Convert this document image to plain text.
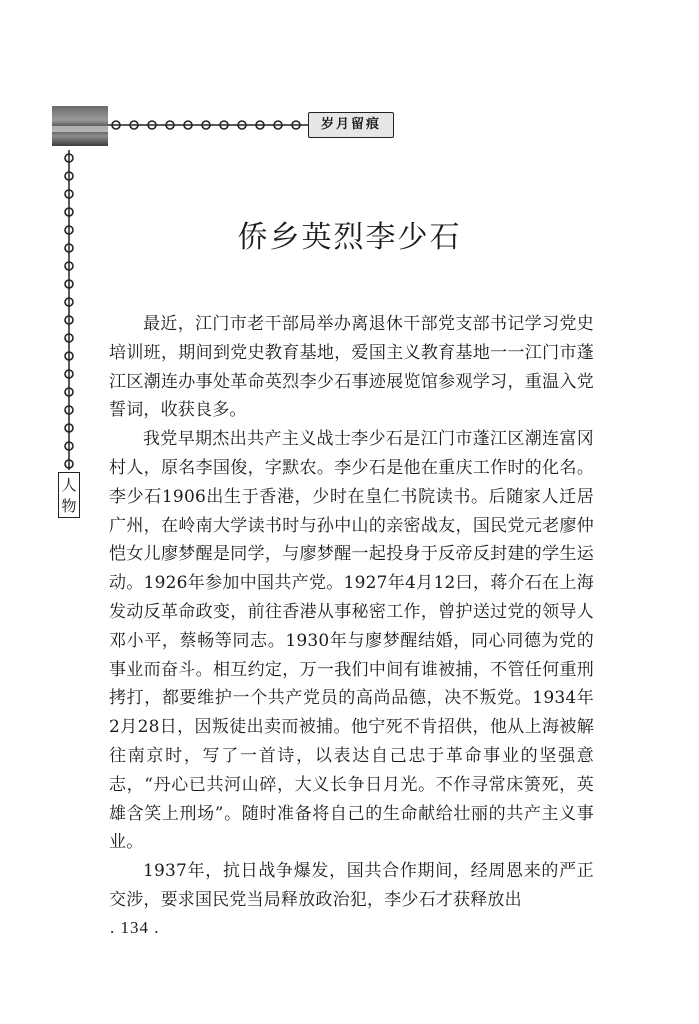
岁月留痕
人物
侨乡英烈李少石

最近，江门市老干部局举办离退休干部党支部书记学习党史培训班，期间到党史教育基地，爱国主义教育基地一一江门市蓬江区潮连办事处革命英烈李少石事迹展览馆参观学习，重温入党誓词，收获良多。

我党早期杰出共产主义战士李少石是江门市蓬江区潮连富冈村人，原名李国俊，字默农。李少石是他在重庆工作时的化名。李少石1906出生于香港，少时在皇仁书院读书。后随家人迁居广州，在岭南大学读书时与孙中山的亲密战友，国民党元老廖仲恺女儿廖梦醒是同学，与廖梦醒一起投身于反帝反封建的学生运动。1926年参加中国共产党。1927年4月12曰，蒋介石在上海发动反革命政变，前往香港从事秘密工作，曾护送过党的领导人邓小平，蔡畅等同志。1930年与廖梦醒结婚，同心同德为党的事业而奋斗。相互约定，万一我们中间有谁被捕，不管任何重刑拷打，都要维护一个共产党员的高尚品德，决不叛党。1934年2月28日，因叛徒出卖而被捕。他宁死不肯招供，他从上海被解往南京时，写了一首诗，以表达自己忠于革命事业的坚强意志，“丹心已共河山碎，大义长争日月光。不作寻常床箦死，英雄含笑上刑场”。随时准备将自己的生命献给壮丽的共产主义事业。

1937年，抗日战争爆发，国共合作期间，经周恩来的严正交涉，要求国民党当局释放政治犯，李少石才获释放出

. 134 .
